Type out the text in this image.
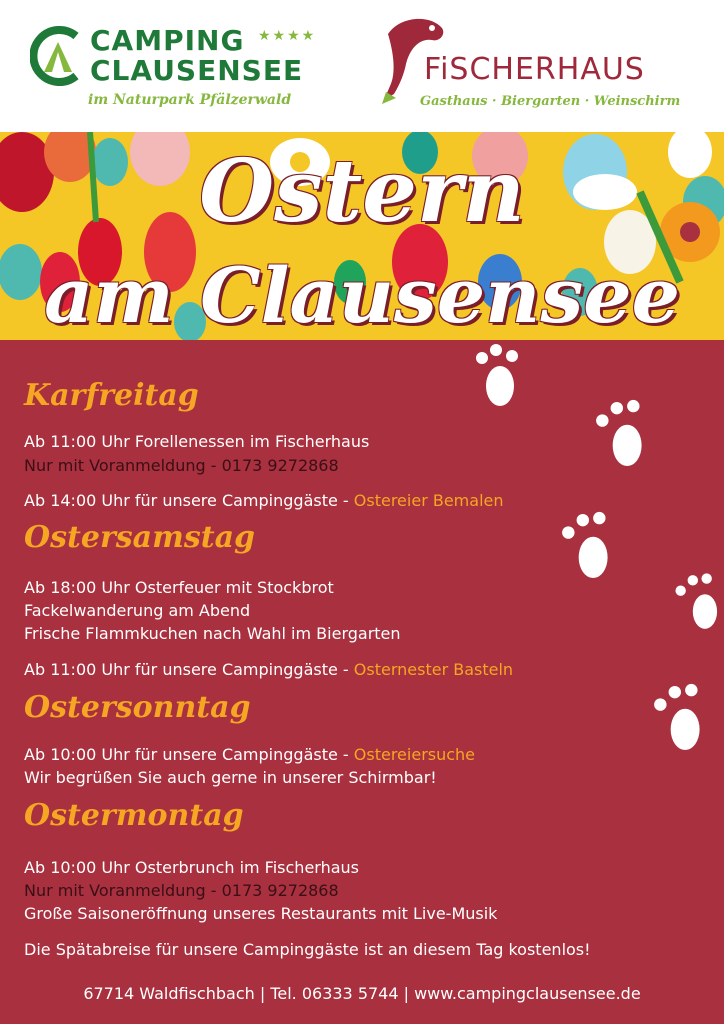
CAMPING ★★★★
CLAUSENSEE
im Naturpark Pfälzerwald
FiSCHERHAUS
Gasthaus · Biergarten · Weinschirm
Ostern
am Clausensee
Karfreitag
Ab 11:00 Uhr Forellenessen im Fischerhaus
Nur mit Voranmeldung - 0173 9272868
Ab 14:00 Uhr für unsere Campinggäste - Ostereier Bemalen
Ostersamstag
Ab 18:00 Uhr Osterfeuer mit Stockbrot
Fackelwanderung am Abend
Frische Flammkuchen nach Wahl im Biergarten
Ab 11:00 Uhr für unsere Campinggäste - Osternester Basteln
Ostersonntag
Ab 10:00 Uhr für unsere Campinggäste - Ostereiersuche
Wir begrüßen Sie auch gerne in unserer Schirmbar!
Ostermontag
Ab 10:00 Uhr Osterbrunch im Fischerhaus
Nur mit Voranmeldung - 0173 9272868
Große Saisoneröffnung unseres Restaurants mit Live-Musik
Die Spätabreise für unsere Campinggäste ist an diesem Tag kostenlos!
67714 Waldfischbach | Tel. 06333 5744 | www.campingclausensee.de
